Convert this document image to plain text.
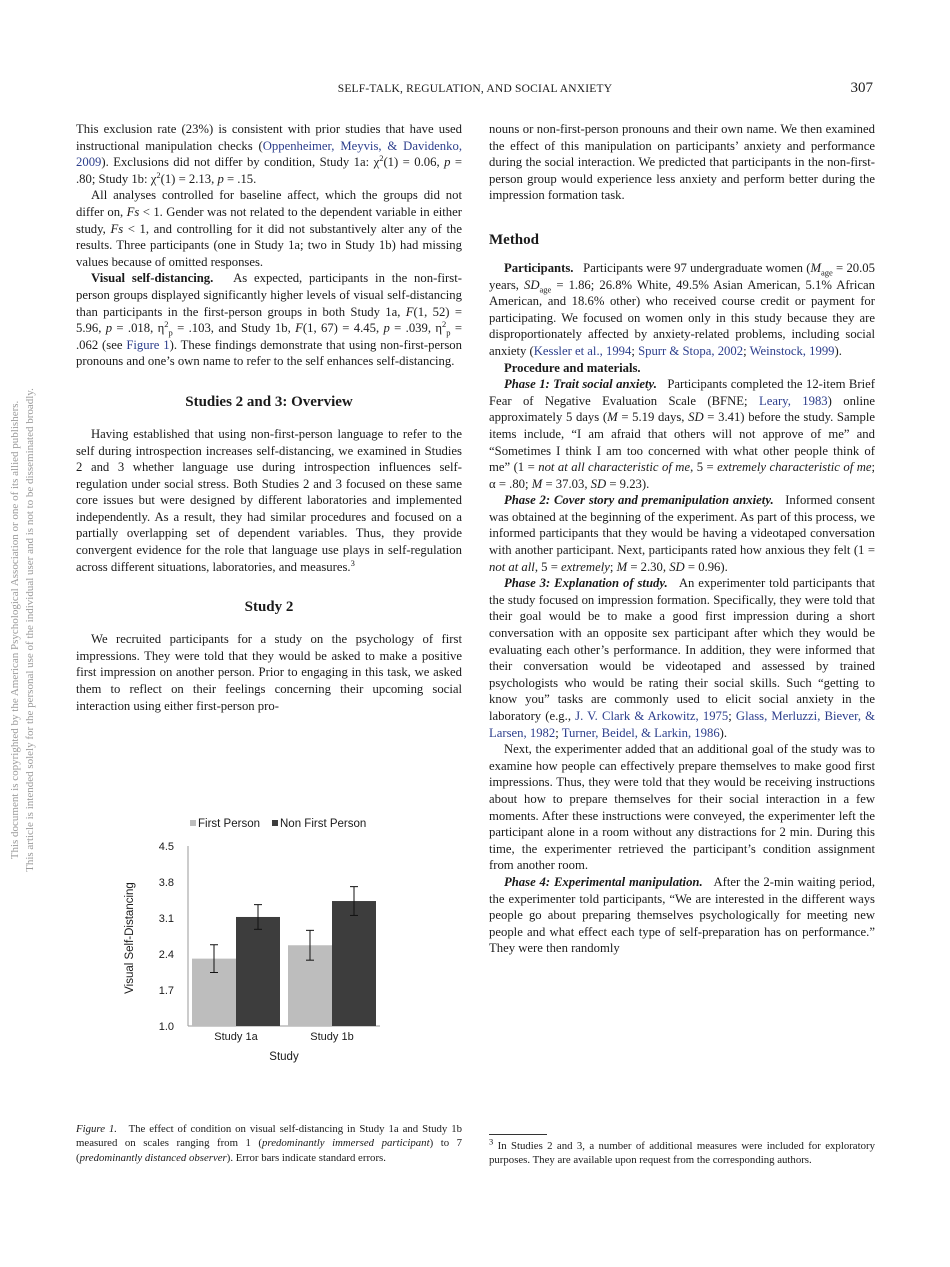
SELF-TALK, REGULATION, AND SOCIAL ANXIETY	307
This document is copyrighted by the American Psychological Association or one of its allied publishers. This article is intended solely for the personal use of the individual user and is not to be disseminated broadly.

This exclusion rate (23%) is consistent with prior studies that have used instructional manipulation checks (Oppenheimer, Meyvis, & Davidenko, 2009). Exclusions did not differ by condition, Study 1a: $\chi^2(1) = 0.06$, p = .80; Study 1b: $\chi^2(1) = 2.13$, p = .15.

All analyses controlled for baseline affect, which the groups did not differ on, Fs < 1. Gender was not related to the dependent variable in either study, Fs < 1, and controlling for it did not substantively alter any of the results. Three participants (one in Study 1a; two in Study 1b) had missing values because of omitted responses.

Visual self-distancing. As expected, participants in the non-first-person groups displayed significantly higher levels of visual self-distancing than participants in the first-person groups in both Study 1a, F(1, 52) = 5.96, p = .018, $\eta^2_p = .103$, and Study 1b, F(1, 67) = 4.45, p = .039, $\eta^2_p = .062$ (see Figure 1). These findings demonstrate that using non-first-person pronouns and one’s own name to refer to the self enhances self-distancing.

Studies 2 and 3: Overview

Having established that using non-first-person language to refer to the self during introspection increases self-distancing, we examined in Studies 2 and 3 whether language use during introspection influences self-regulation under social stress. Both Studies 2 and 3 focused on these same core issues but were designed by different laboratories and implemented independently. As a result, they had similar procedures and focused on a partially overlapping set of dependent variables. Thus, they provide convergent evidence for the role that language use plays in self-regulation across different situations, laboratories, and measures.$^3$

Study 2

We recruited participants for a study on the psychology of first impressions. They were told that they would be asked to make a positive first impression on another person. Prior to engaging in this task, we asked them to reflect on their feelings concerning their upcoming social interaction using either first-person pro-

First Person Non First Person
1.0
1.7
2.4
3.1
3.8
4.5
Study 1a	Study 1b
Visual Self-Distancing
Study
Figure 1. The effect of condition on visual self-distancing in Study 1a and Study 1b measured on scales ranging from 1 (predominantly immersed participant) to 7 (predominantly distanced observer). Error bars indicate standard errors.

nouns or non-first-person pronouns and their own name. We then examined the effect of this manipulation on participants’ anxiety and performance during the social interaction. We predicted that participants in the non-first-person group would experience less anxiety and perform better during the impression formation task.

Method

Participants. Participants were 97 undergraduate women ($M_{age} = 20.05$ years, $SD_{age} = 1.86$; 26.8% White, 49.5% Asian American, 5.1% African American, and 18.6% other) who received course credit or payment for participating. We focused on women only in this study because they are disproportionately affected by anxiety-related problems, including social anxiety (Kessler et al., 1994; Spurr & Stopa, 2002; Weinstock, 1999).

Procedure and materials.

Phase 1: Trait social anxiety. Participants completed the 12-item Brief Fear of Negative Evaluation Scale (BFNE; Leary, 1983) online approximately 5 days (M = 5.19 days, SD = 3.41) before the study. Sample items include, “I am afraid that others will not approve of me” and “Sometimes I think I am too concerned with what other people think of me” (1 = not at all characteristic of me, 5 = extremely characteristic of me; α = .80; M = 37.03, SD = 9.23).

Phase 2: Cover story and premanipulation anxiety. Informed consent was obtained at the beginning of the experiment. As part of this process, we informed participants that they would be having a videotaped conversation with another participant. Next, participants rated how anxious they felt (1 = not at all, 5 = extremely; M = 2.30, SD = 0.96).

Phase 3: Explanation of study. An experimenter told participants that the study focused on impression formation. Specifically, they were told that their goal would be to make a good first impression during a short conversation with an opposite sex participant after which they would be evaluating each other’s performance. In addition, they were informed that their conversation would be videotaped and assessed by trained psychologists who would be rating their social skills. Such “getting to know you” tasks are commonly used to elicit social anxiety in the laboratory (e.g., J. V. Clark & Arkowitz, 1975; Glass, Merluzzi, Biever, & Larsen, 1982; Turner, Beidel, & Larkin, 1986).

Next, the experimenter added that an additional goal of the study was to examine how people can effectively prepare themselves to make good first impressions. Thus, they were told that they would be receiving instructions about how to prepare themselves for their social interaction in a few moments. After these instructions were conveyed, the experimenter left the participant alone in a room without any distractions for 2 min. During this time, the experimenter retrieved the participant’s condition assignment from another room.

Phase 4: Experimental manipulation. After the 2-min waiting period, the experimenter told participants, “We are interested in the different ways people go about preparing themselves psychologically for meeting new people and what effect each type of self-preparation has on performance.” They were then randomly

$^3$ In Studies 2 and 3, a number of additional measures were included for exploratory purposes. They are available upon request from the corresponding authors.
